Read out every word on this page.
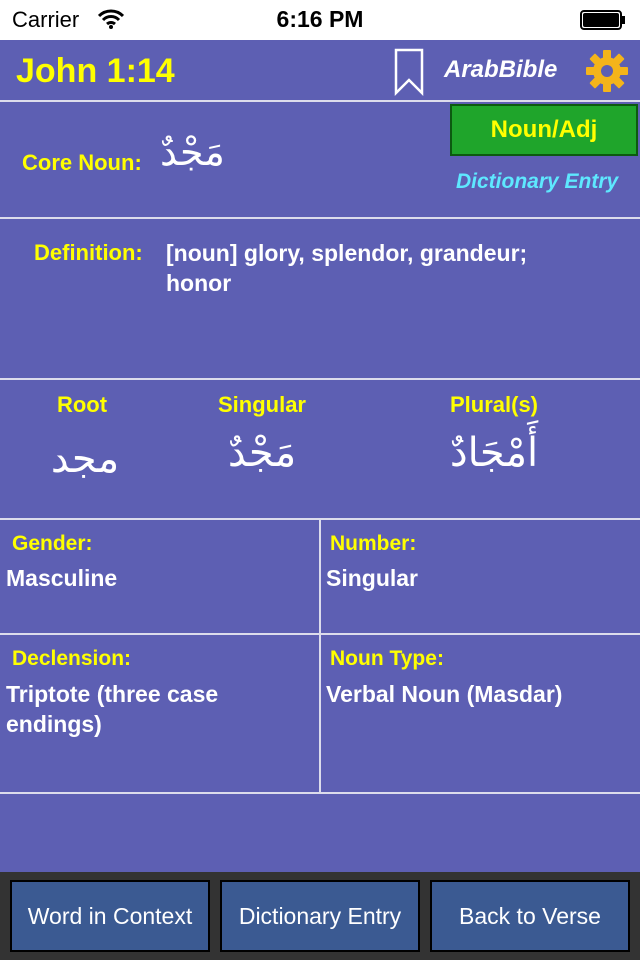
Carrier	6:16 PM
John 1:14	ArabBible
Core Noun: مَجْدٌ
Noun/Adj
Dictionary Entry
Definition: [noun] glory, splendor, grandeur;
honor
Root	Singular	Plural(s)
مجد	مَجْدٌ	أَمْجَادٌ
Gender:
Masculine
Number:
Singular
Declension:
Triptote (three case
endings)
Noun Type:
Verbal Noun (Masdar)
Word in Context	Dictionary Entry	Back to Verse
